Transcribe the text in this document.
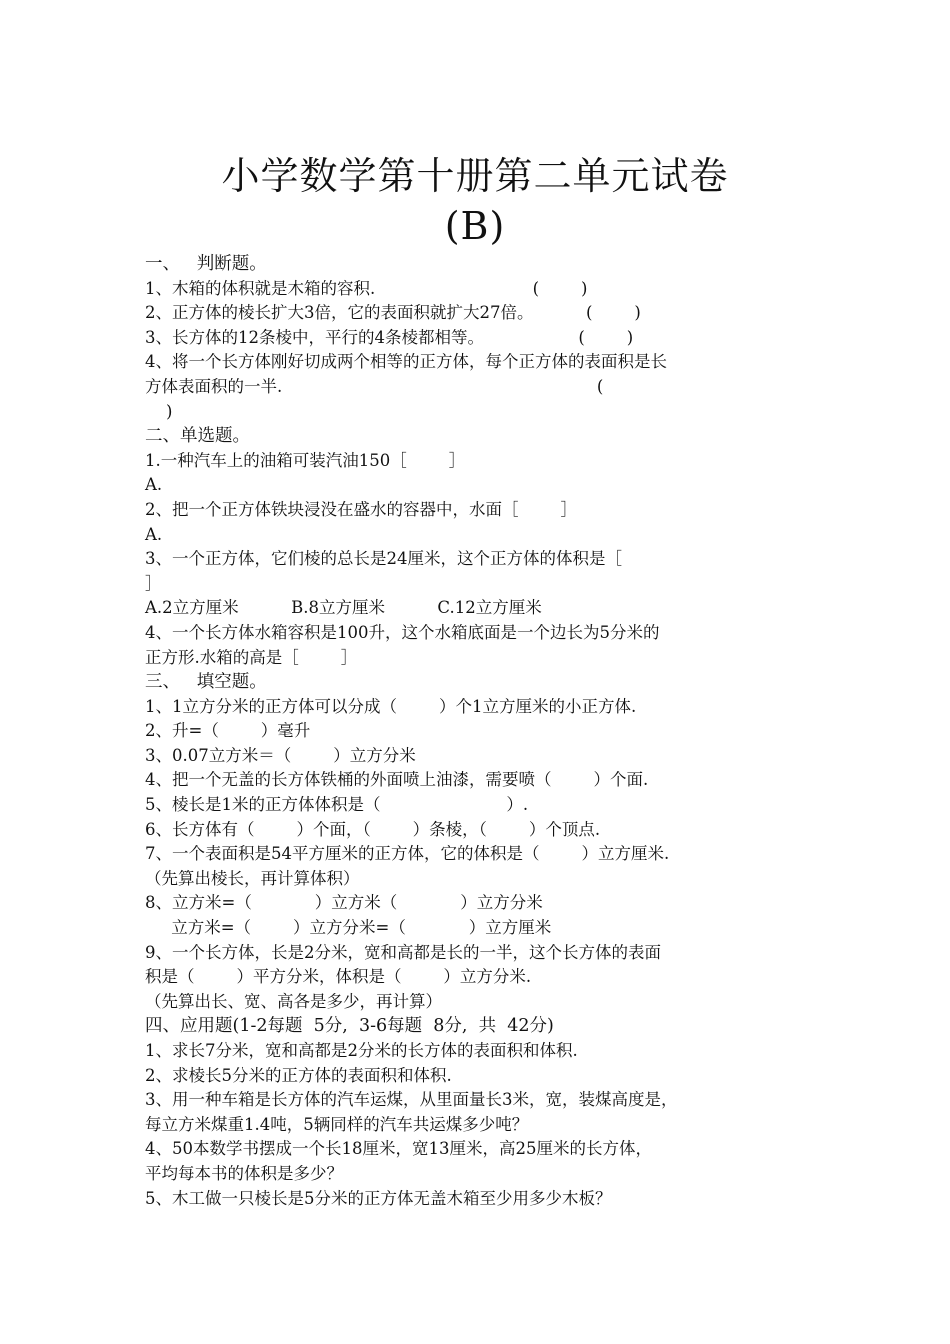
小学数学第十册第二单元试卷
(B)
一、   判断题。
1、木箱的体积就是木箱的容积.                              (        )
2、正方体的棱长扩大3倍，它的表面积就扩大27倍。          (        )
3、长方体的12条棱中，平行的4条棱都相等。                  (        )
4、将一个长方体刚好切成两个相等的正方体，每个正方体的表面积是长
方体表面积的一半.                                                            (
)
二、单选题。
1.一种汽车上的油箱可装汽油150［        ］
A.
2、把一个正方体铁块浸没在盛水的容器中，水面［        ］
A.
3、一个正方体，它们棱的总长是24厘米，这个正方体的体积是［
］
A.2立方厘米          B.8立方厘米          C.12立方厘米
4、一个长方体水箱容积是100升，这个水箱底面是一个边长为5分米的
正方形.水箱的高是［        ］
三、   填空题。
1、1立方分米的正方体可以分成（        ）个1立方厘米的小正方体.
2、升=（        ）毫升
3、0.07立方米＝（        ）立方分米
4、把一个无盖的长方体铁桶的外面喷上油漆，需要喷（        ）个面.
5、棱长是1米的正方体体积是（                        ）.
6、长方体有（        ）个面，（        ）条棱，（        ）个顶点.
7、一个表面积是54平方厘米的正方体，它的体积是（        ）立方厘米.
（先算出棱长，再计算体积）
8、立方米=（            ）立方米（            ）立方分米
立方米=（        ）立方分米=（            ）立方厘米
9、一个长方体，长是2分米，宽和高都是长的一半，这个长方体的表面
积是（        ）平方分米，体积是（        ）立方分米.
（先算出长、宽、高各是多少，再计算）
四、应用题(1-2每题  5分,  3-6每题  8分,  共  42分)
1、求长7分米，宽和高都是2分米的长方体的表面积和体积.
2、求棱长5分米的正方体的表面积和体积.
3、用一种车箱是长方体的汽车运煤，从里面量长3米，宽，装煤高度是，
每立方米煤重1.4吨，5辆同样的汽车共运煤多少吨？
4、50本数学书摆成一个长18厘米，宽13厘米，高25厘米的长方体，
平均每本书的体积是多少？
5、木工做一只棱长是5分米的正方体无盖木箱至少用多少木板？
